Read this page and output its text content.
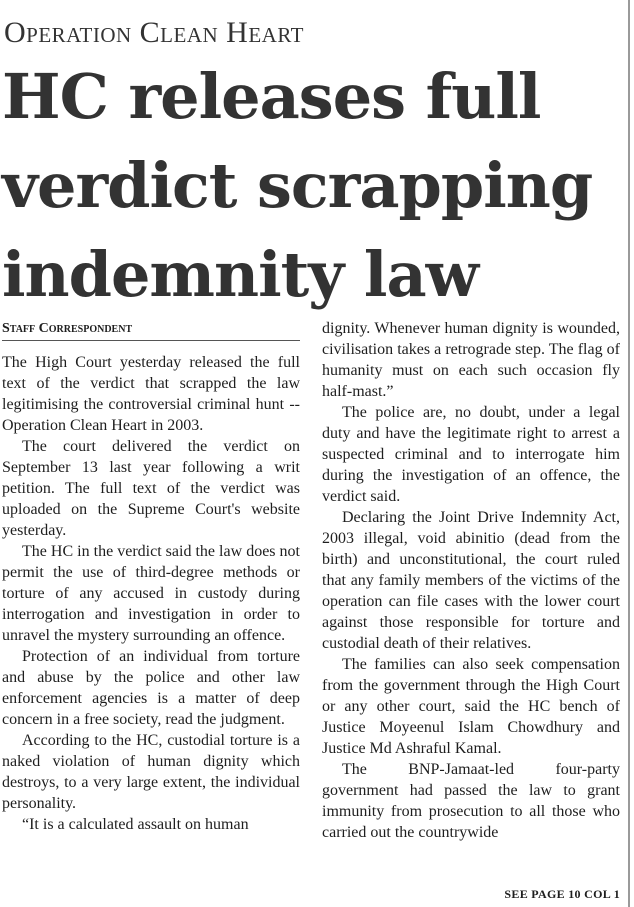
Operation Clean Heart
HC releases full
verdict scrapping
indemnity law
Staff Correspondent

The High Court yesterday released the full text of the verdict that scrapped the law legitimising the controversial criminal hunt -- Operation Clean Heart in 2003.

The court delivered the verdict on September 13 last year following a writ petition. The full text of the verdict was uploaded on the Supreme Court's website yesterday.

The HC in the verdict said the law does not permit the use of third-degree methods or torture of any accused in custody during interrogation and investigation in order to unravel the mystery surrounding an offence.

Protection of an individual from torture and abuse by the police and other law enforcement agencies is a matter of deep concern in a free society, read the judgment.

According to the HC, custodial torture is a naked violation of human dignity which destroys, to a very large extent, the individual personality.

“It is a calculated assault on human

dignity. Whenever human dignity is wounded, civilisation takes a retrograde step. The flag of humanity must on each such occasion fly half-mast.”

The police are, no doubt, under a legal duty and have the legitimate right to arrest a suspected criminal and to interrogate him during the investigation of an offence, the verdict said.

Declaring the Joint Drive Indemnity Act, 2003 illegal, void abinitio (dead from the birth) and unconstitutional, the court ruled that any family members of the victims of the operation can file cases with the lower court against those responsible for torture and custodial death of their relatives.

The families can also seek compensation from the government through the High Court or any other court, said the HC bench of Justice Moyeenul Islam Chowdhury and Justice Md Ashraful Kamal.

The BNP-Jamaat-led four-party government had passed the law to grant immunity from prosecution to all those who carried out the countrywide

SEE PAGE 10 COL 1
